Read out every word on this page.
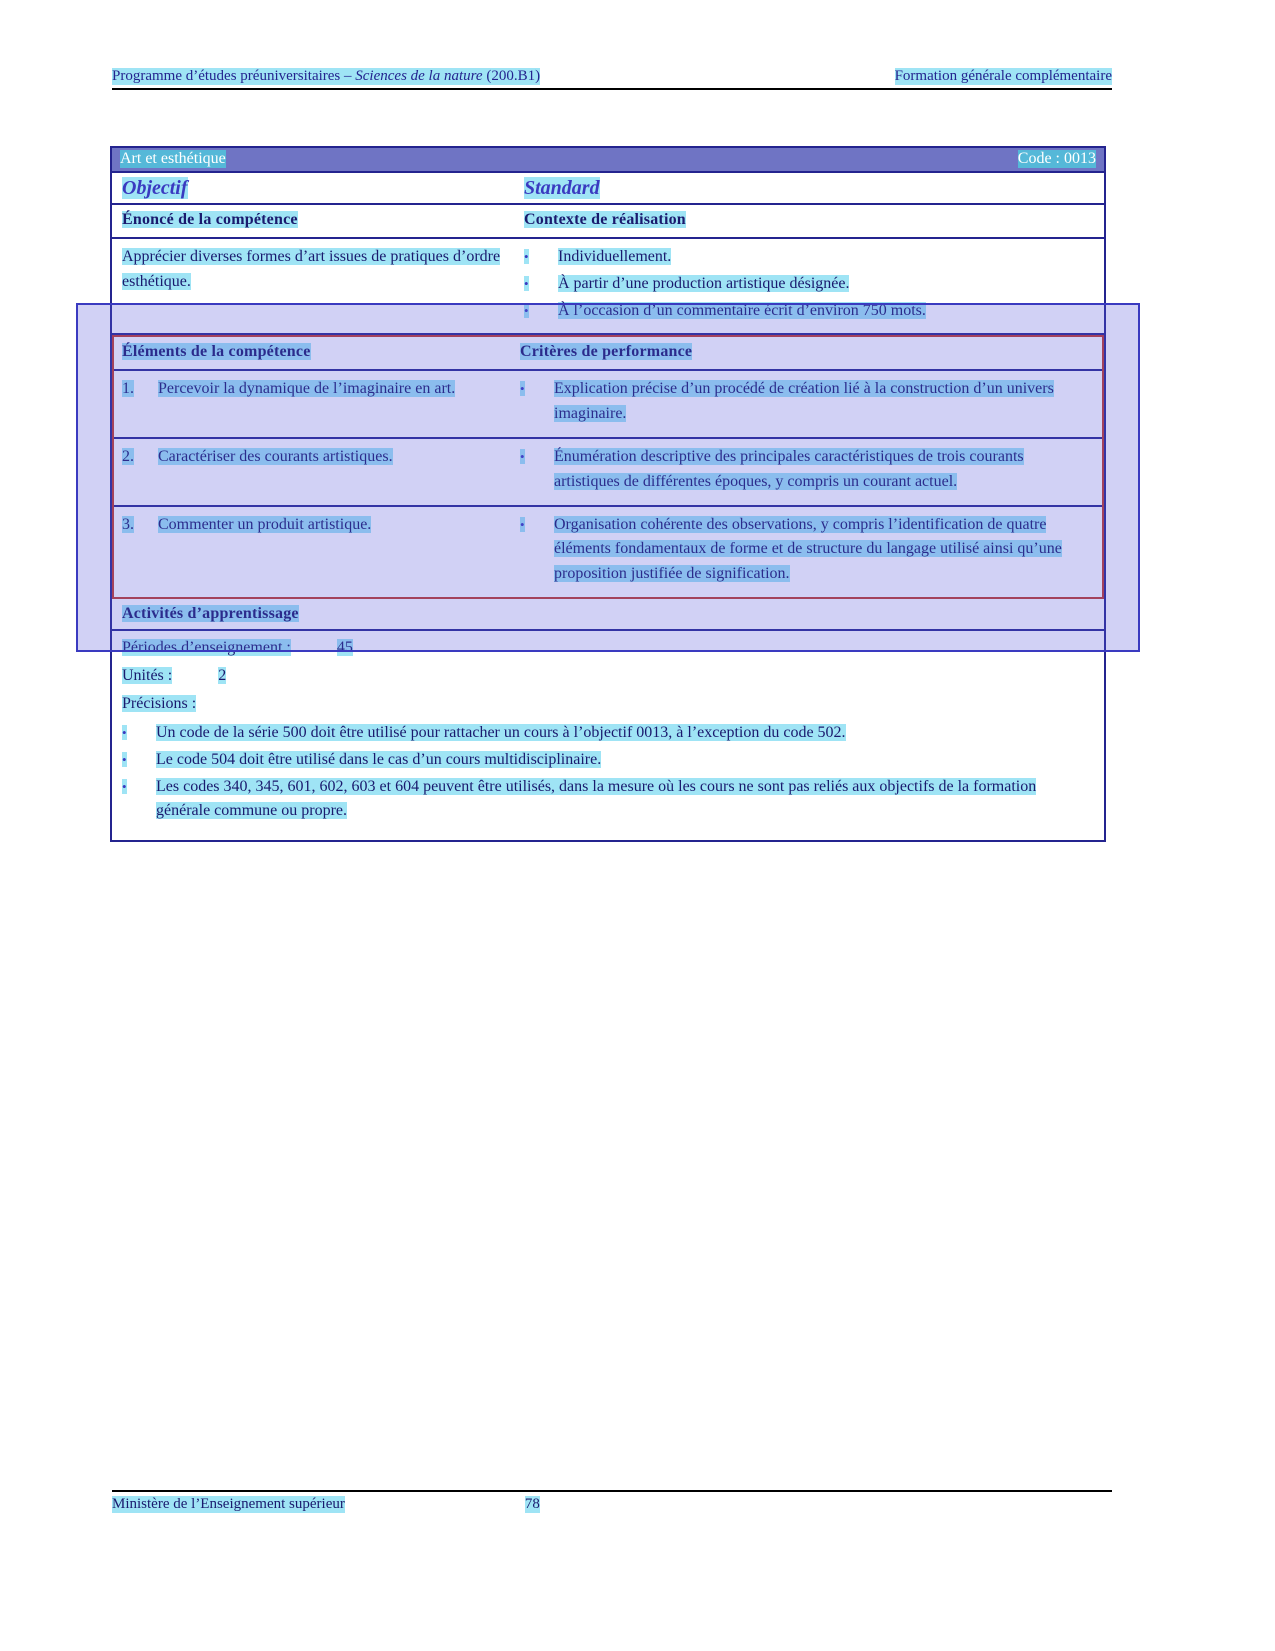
Programme d’études préuniversitaires – Sciences de la nature (200.B1)	Formation générale complémentaire
Art et esthétique	Code : 0013
Objectif	Standard
Énoncé de la compétence	Contexte de réalisation
Apprécier diverses formes d’art issues de pratiques d’ordre esthétique.
•	Individuellement.
•	À partir d’une production artistique désignée.
•	À l’occasion d’un commentaire écrit d’environ 750 mots.
Éléments de la compétence	Critères de performance
1.	Percevoir la dynamique de l’imaginaire en art.	•	Explication précise d’un procédé de création lié à la construction d’un univers imaginaire.
2.	Caractériser des courants artistiques.	•	Énumération descriptive des principales caractéristiques de trois courants artistiques de différentes époques, y compris un courant actuel.
3.	Commenter un produit artistique.	•	Organisation cohérente des observations, y compris l’identification de quatre éléments fondamentaux de forme et de structure du langage utilisé ainsi qu’une proposition justifiée de signification.
Activités d’apprentissage
Périodes d’enseignement :	45
Unités :	2
Précisions :
•	Un code de la série 500 doit être utilisé pour rattacher un cours à l’objectif 0013, à l’exception du code 502.
•	Le code 504 doit être utilisé dans le cas d’un cours multidisciplinaire.
•	Les codes 340, 345, 601, 602, 603 et 604 peuvent être utilisés, dans la mesure où les cours ne sont pas reliés aux objectifs de la formation générale commune ou propre.
Ministère de l’Enseignement supérieur	78
